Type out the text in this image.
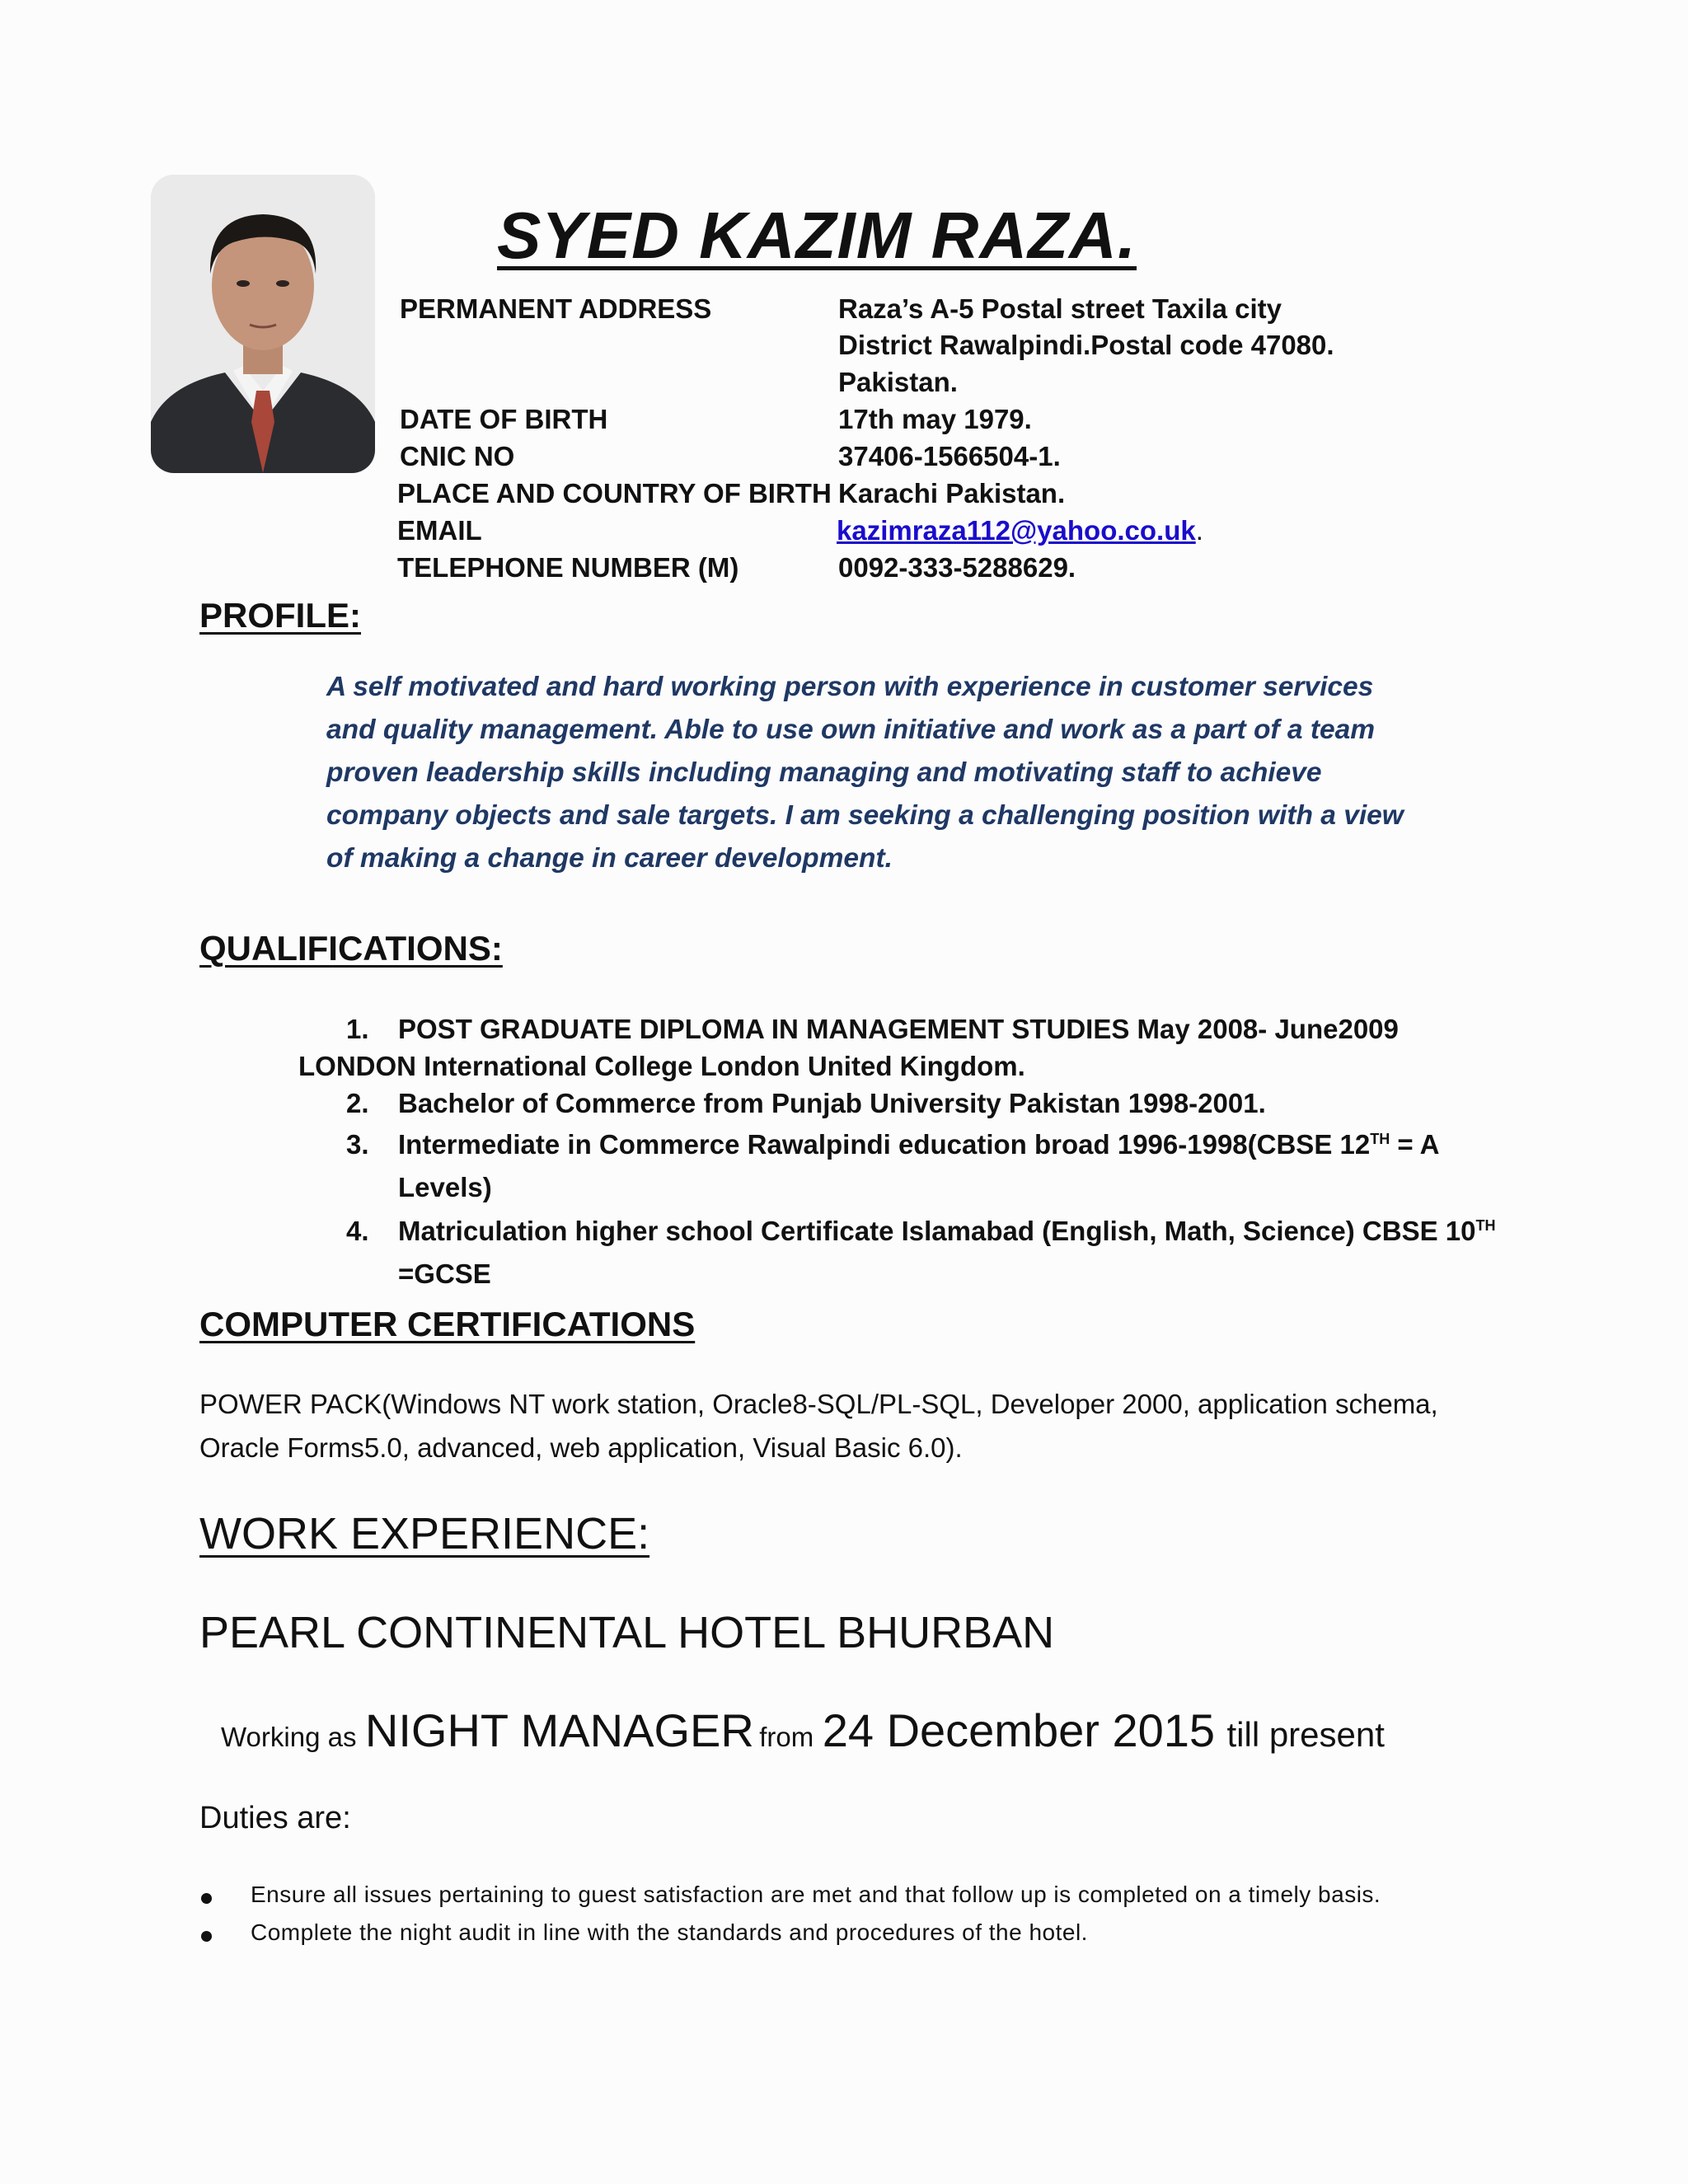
SYED KAZIM RAZA.
PERMANENT ADDRESS	Raza’s A-5 Postal street Taxila city
District Rawalpindi.Postal code 47080.
Pakistan.
DATE OF BIRTH	17th may 1979.
CNIC NO	37406-1566504-1.
PLACE AND COUNTRY OF BIRTH Karachi Pakistan.
EMAIL	kazimraza112@yahoo.co.uk.
TELEPHONE NUMBER (M)	0092-333-5288629.
PROFILE:
A self motivated and hard working person with experience in customer services
and quality management. Able to use own initiative and work as a part of a team
proven leadership skills including managing and motivating staff to achieve
company objects and sale targets. I am seeking a challenging position with a view
of making a change in career development.
QUALIFICATIONS:
1. POST GRADUATE DIPLOMA IN MANAGEMENT STUDIES May 2008- June2009
LONDON International College London United Kingdom.
2. Bachelor of Commerce from Punjab University Pakistan 1998-2001.
3. Intermediate in Commerce Rawalpindi education broad 1996-1998(CBSE 12TH = A
Levels)
4. Matriculation higher school Certificate Islamabad (English, Math, Science) CBSE 10TH
=GCSE
COMPUTER CERTIFICATIONS
POWER PACK(Windows NT work station, Oracle8-SQL/PL-SQL, Developer 2000, application schema,
Oracle Forms5.0, advanced, web application, Visual Basic 6.0).
WORK EXPERIENCE:
PEARL CONTINENTAL HOTEL BHURBAN
Working as NIGHT MANAGER from 24 December 2015 till present
Duties are:
Ensure all issues pertaining to guest satisfaction are met and that follow up is completed on a timely basis.
Complete the night audit in line with the standards and procedures of the hotel.
